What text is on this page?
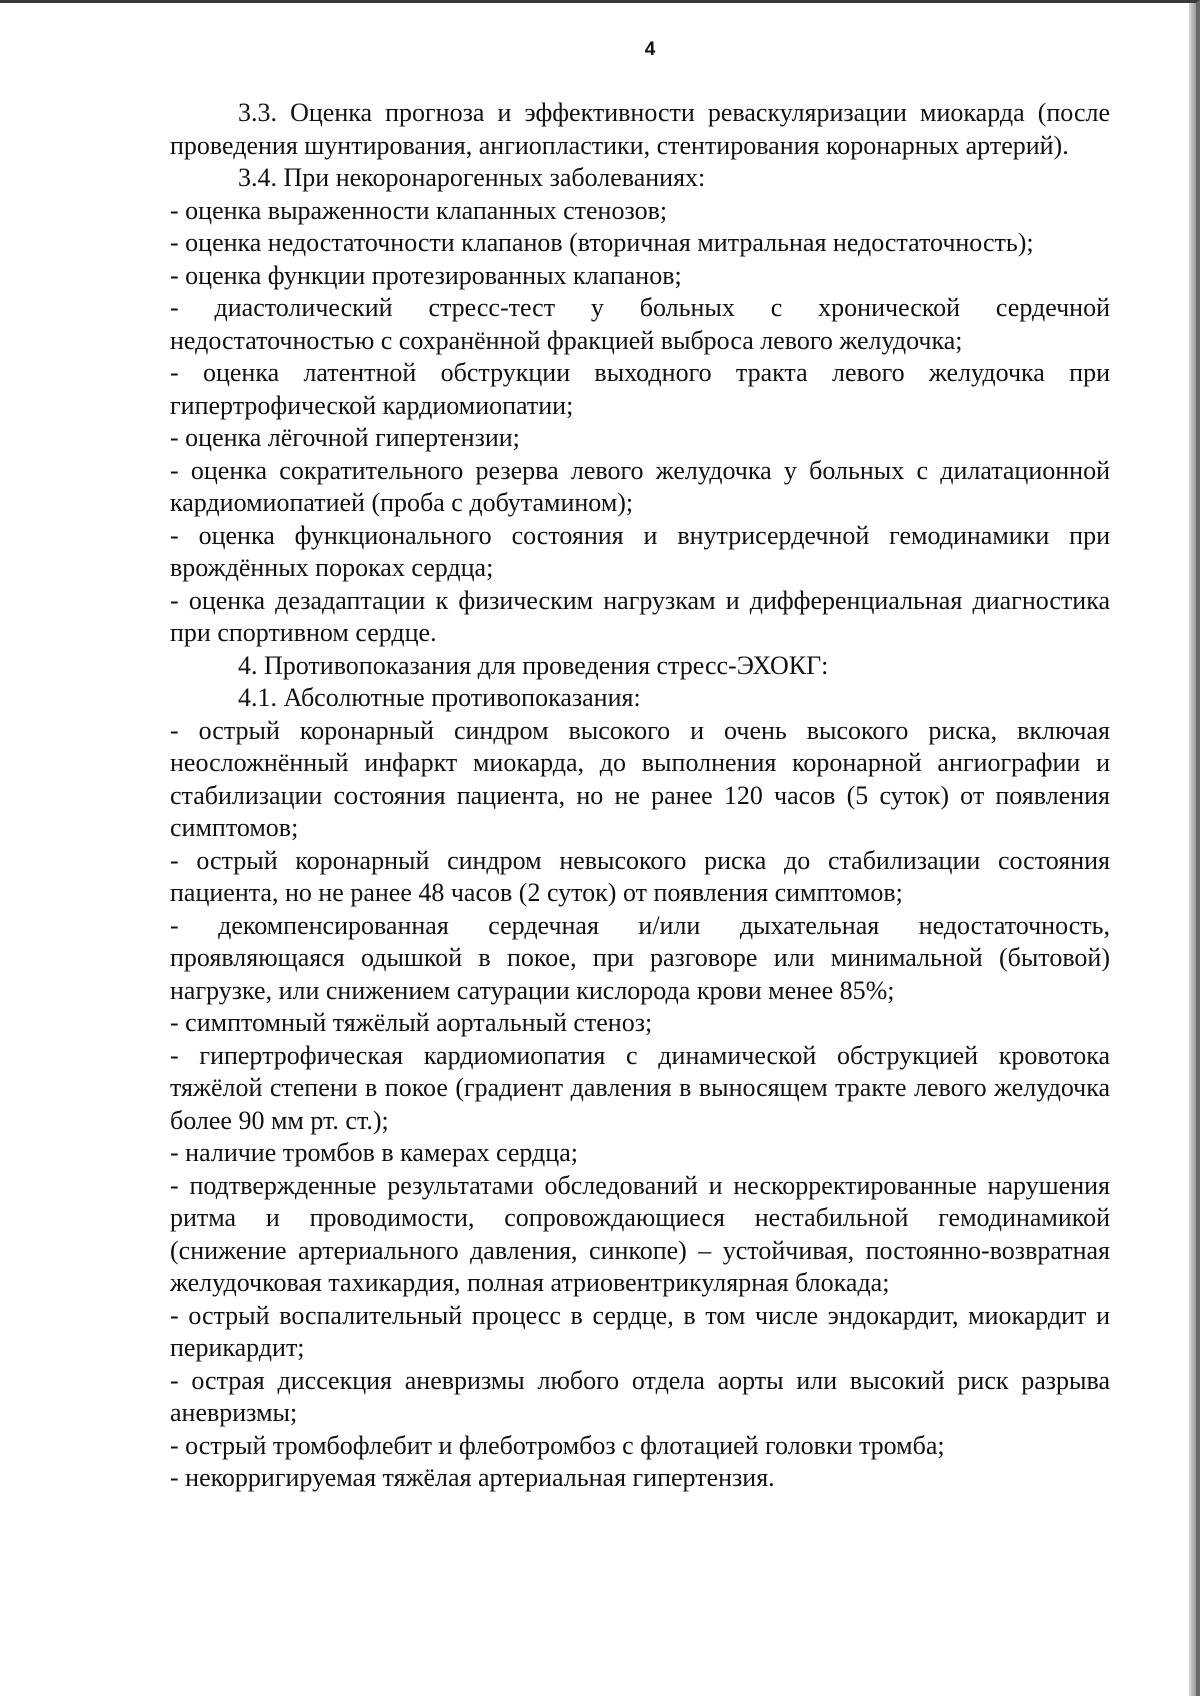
4

3.3. Оценка прогноза и эффективности реваскуляризации миокарда (после проведения шунтирования, ангиопластики, стентирования коронарных артерий).

3.4. При некоронарогенных заболеваниях:

- оценка выраженности клапанных стенозов;

- оценка недостаточности клапанов (вторичная митральная недостаточность);

- оценка функции протезированных клапанов;

- диастолический стресс-тест у больных с хронической сердечной недостаточностью с сохранённой фракцией выброса левого желудочка;

- оценка латентной обструкции выходного тракта левого желудочка при гипертрофической кардиомиопатии;

- оценка лёгочной гипертензии;

- оценка сократительного резерва левого желудочка у больных с дилатационной кардиомиопатией (проба с добутамином);

- оценка функционального состояния и внутрисердечной гемодинамики при врождённых пороках сердца;

- оценка дезадаптации к физическим нагрузкам и дифференциальная диагностика при спортивном сердце.

4. Противопоказания для проведения стресс-ЭХОКГ:

4.1. Абсолютные противопоказания:

- острый коронарный синдром высокого и очень высокого риска, включая неосложнённый инфаркт миокарда, до выполнения коронарной ангиографии и стабилизации состояния пациента, но не ранее 120 часов (5 суток) от появления симптомов;

- острый коронарный синдром невысокого риска до стабилизации состояния пациента, но не ранее 48 часов (2 суток) от появления симптомов;

- декомпенсированная сердечная и/или дыхательная недостаточность, проявляющаяся одышкой в покое, при разговоре или минимальной (бытовой) нагрузке, или снижением сатурации кислорода крови менее 85%;

- симптомный тяжёлый аортальный стеноз;

- гипертрофическая кардиомиопатия с динамической обструкцией кровотока тяжёлой степени в покое (градиент давления в выносящем тракте левого желудочка более 90 мм рт. ст.);

- наличие тромбов в камерах сердца;

- подтвержденные результатами обследований и нескорректированные нарушения ритма и проводимости, сопровождающиеся нестабильной гемодинамикой (снижение артериального давления, синкопе) – устойчивая, постоянно-возвратная желудочковая тахикардия, полная атриовентрикулярная блокада;

- острый воспалительный процесс в сердце, в том числе эндокардит, миокардит и перикардит;

- острая диссекция аневризмы любого отдела аорты или высокий риск разрыва аневризмы;

- острый тромбофлебит и флеботромбоз с флотацией головки тромба;

- некорригируемая тяжёлая артериальная гипертензия.
